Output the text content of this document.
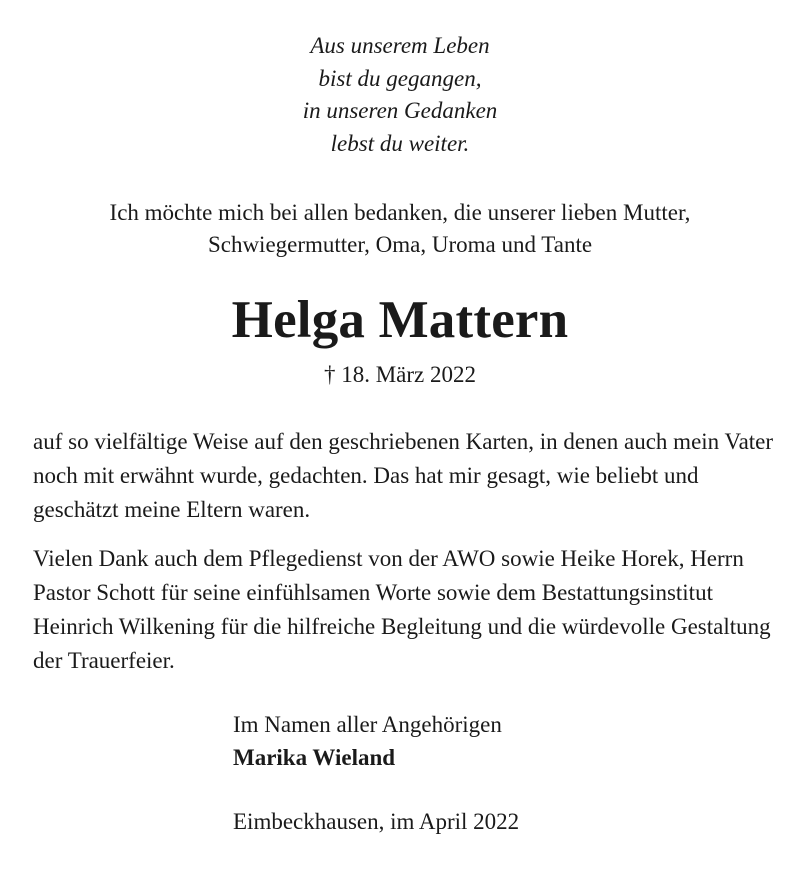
Aus unserem Leben
bist du gegangen,
in unseren Gedanken
lebst du weiter.
Ich möchte mich bei allen bedanken, die unserer lieben Mutter,
Schwiegermutter, Oma, Uroma und Tante
Helga Mattern
† 18. März 2022
auf so vielfältige Weise auf den geschriebenen Karten, in denen auch mein Vater noch mit erwähnt wurde, gedachten. Das hat mir gesagt, wie beliebt und geschätzt meine Eltern waren.
Vielen Dank auch dem Pflegedienst von der AWO sowie Heike Horek, Herrn Pastor Schott für seine einfühlsamen Worte sowie dem Bestattungsinstitut Heinrich Wilkening für die hilfreiche Begleitung und die würdevolle Gestaltung der Trauerfeier.
Im Namen aller Angehörigen
Marika Wieland
Eimbeckhausen, im April 2022
